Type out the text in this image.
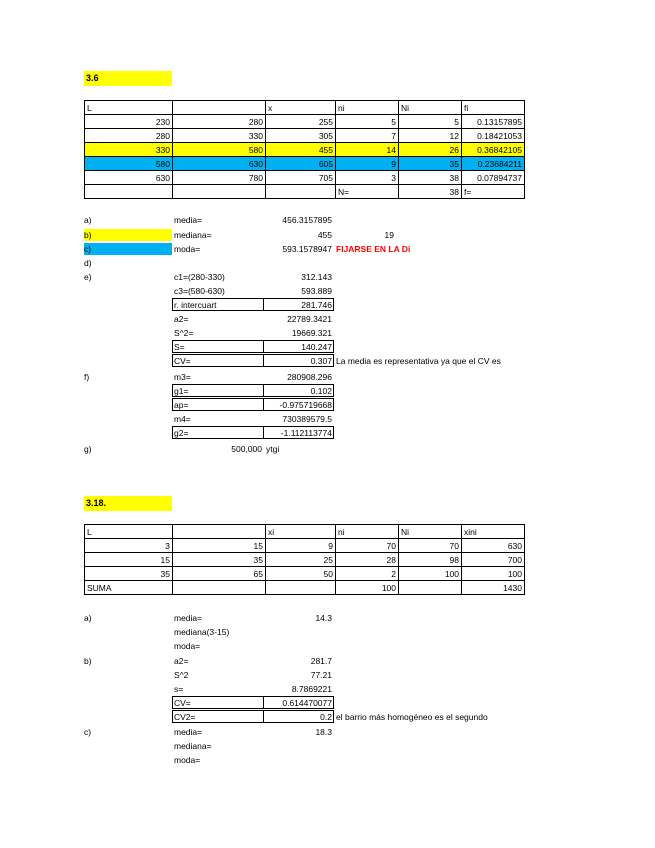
3.6
L		x	ni	Ni	fi
230	280	255	5	5	0.13157895
280	330	305	7	12	0.18421053
330	580	455	14	26	0.36842105
580	630	605	9	35	0.23684211
630	780	705	3	38	0.07894737
			N=	38	f=
a)	media=	456.3157895
b)	mediana=	455	19
c)	moda=	593.1578947 FIJARSE EN LA Di
d)
e)	c1=(280-330)	312.143
c3=(580-630)	593.889
r. intercuart	281.746
a2=	22789.3421
S^2=	19669.321
S=	140.247
CV=	0.307 La media es representativa ya que el CV es
f)	m3=	280908.296
g1=	0.102
ap=	-0.975719668
m4=	730389579.5
g2=	-1.112113774
g)	500,000 ytgi
3.18.
L		xi	ni	Ni	xini
3	15	9	70	70	630
15	35	25	28	98	700
35	65	50	2	100	100
SUMA			100		1430
a)	media=	14.3
mediana(3-15)
moda=
b)	a2=	281.7
S^2	77.21
s=	8.7869221
CV=	0.614470077
CV2=	0.2 el barrio más homogéneo es el segundo
c)	media=	18.3
mediana=
moda=
